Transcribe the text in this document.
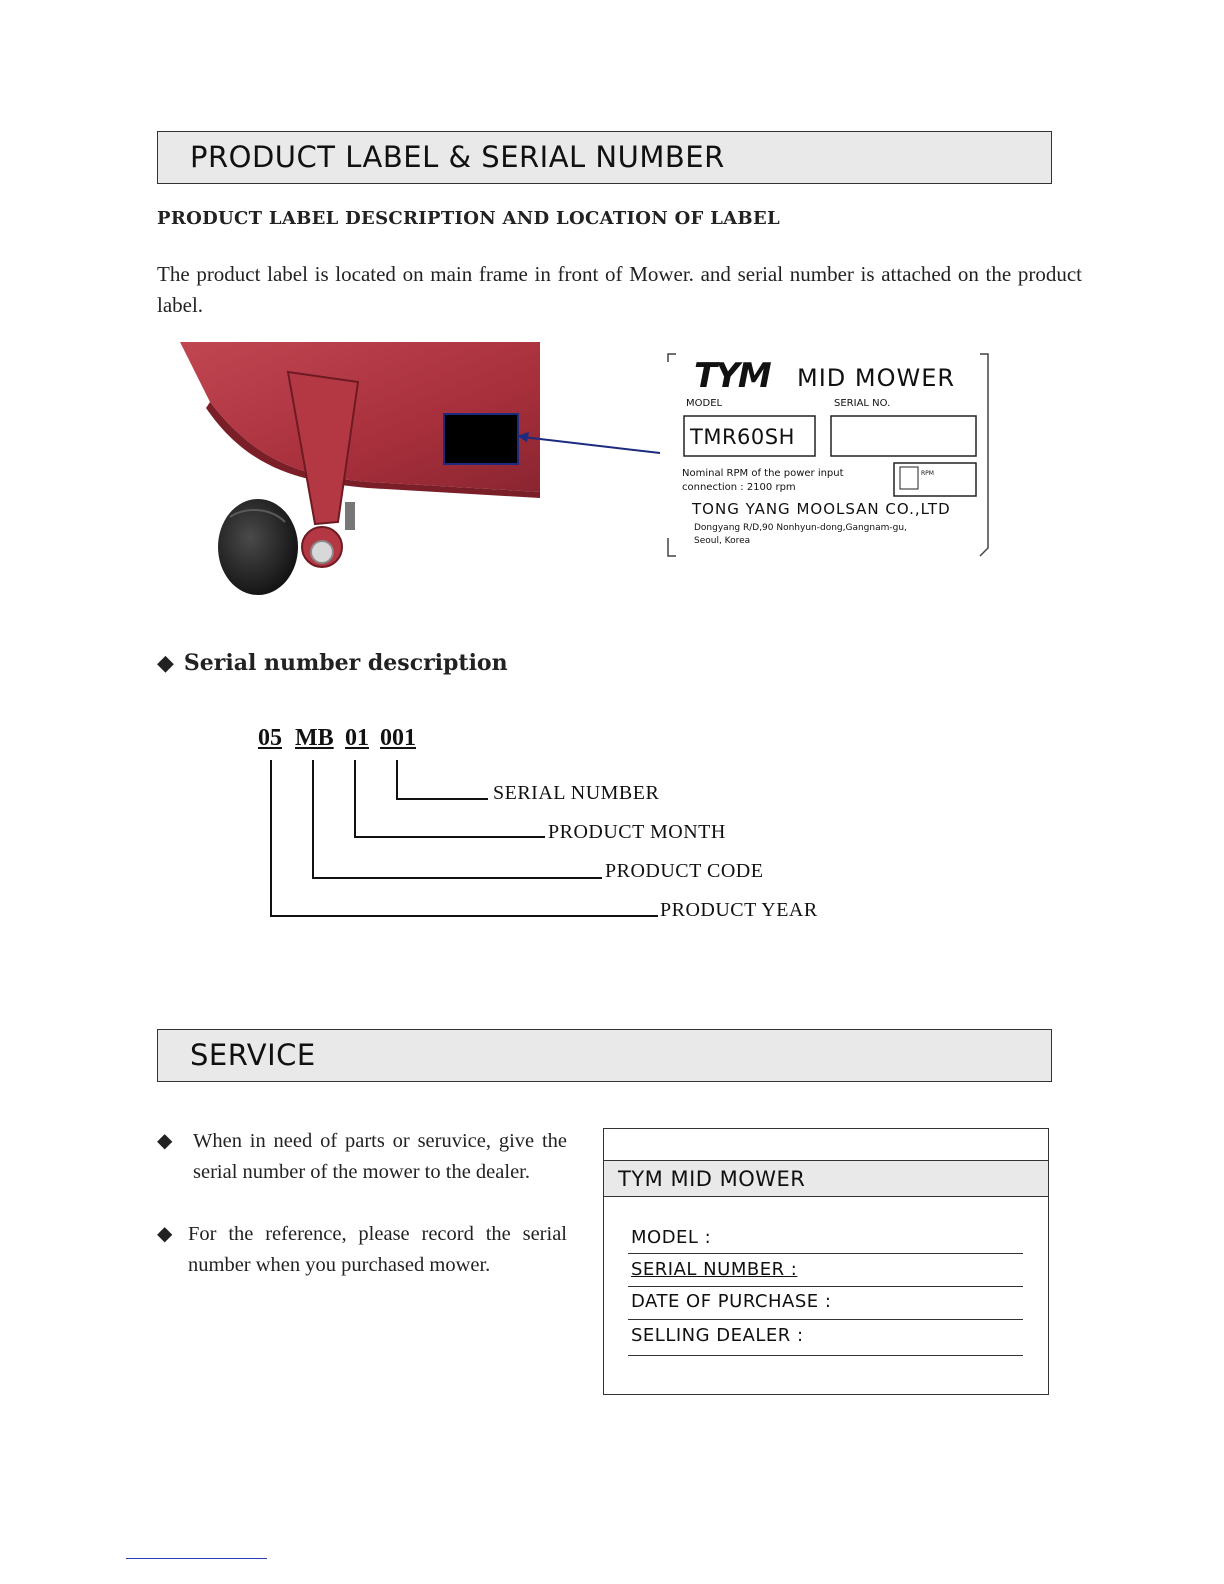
PRODUCT LABEL & SERIAL NUMBER
PRODUCT LABEL DESCRIPTION AND LOCATION OF LABEL
The product label is located on main frame in front of Mower. and serial number is attached on the product label.
TYM MID MOWER
MODEL	SERIAL NO.
TMR60SH
Nominal RPM of the power input
connection : 2100 rpm
RPM
TONG YANG MOOLSAN CO.,LTD
Dongyang R/D,90 Nonhyun-dong,Gangnam-gu,
Seoul, Korea
◆ Serial number description
05 MB 01 001
SERIAL NUMBER
PRODUCT MONTH
PRODUCT CODE
PRODUCT YEAR
SERVICE
◆ When in need of parts or seruvice, give the serial number of the mower to the dealer.
◆ For the reference, please record the serial number when you purchased mower.
TYM MID MOWER
MODEL :
SERIAL NUMBER :
DATE OF PURCHASE :
SELLING DEALER :
